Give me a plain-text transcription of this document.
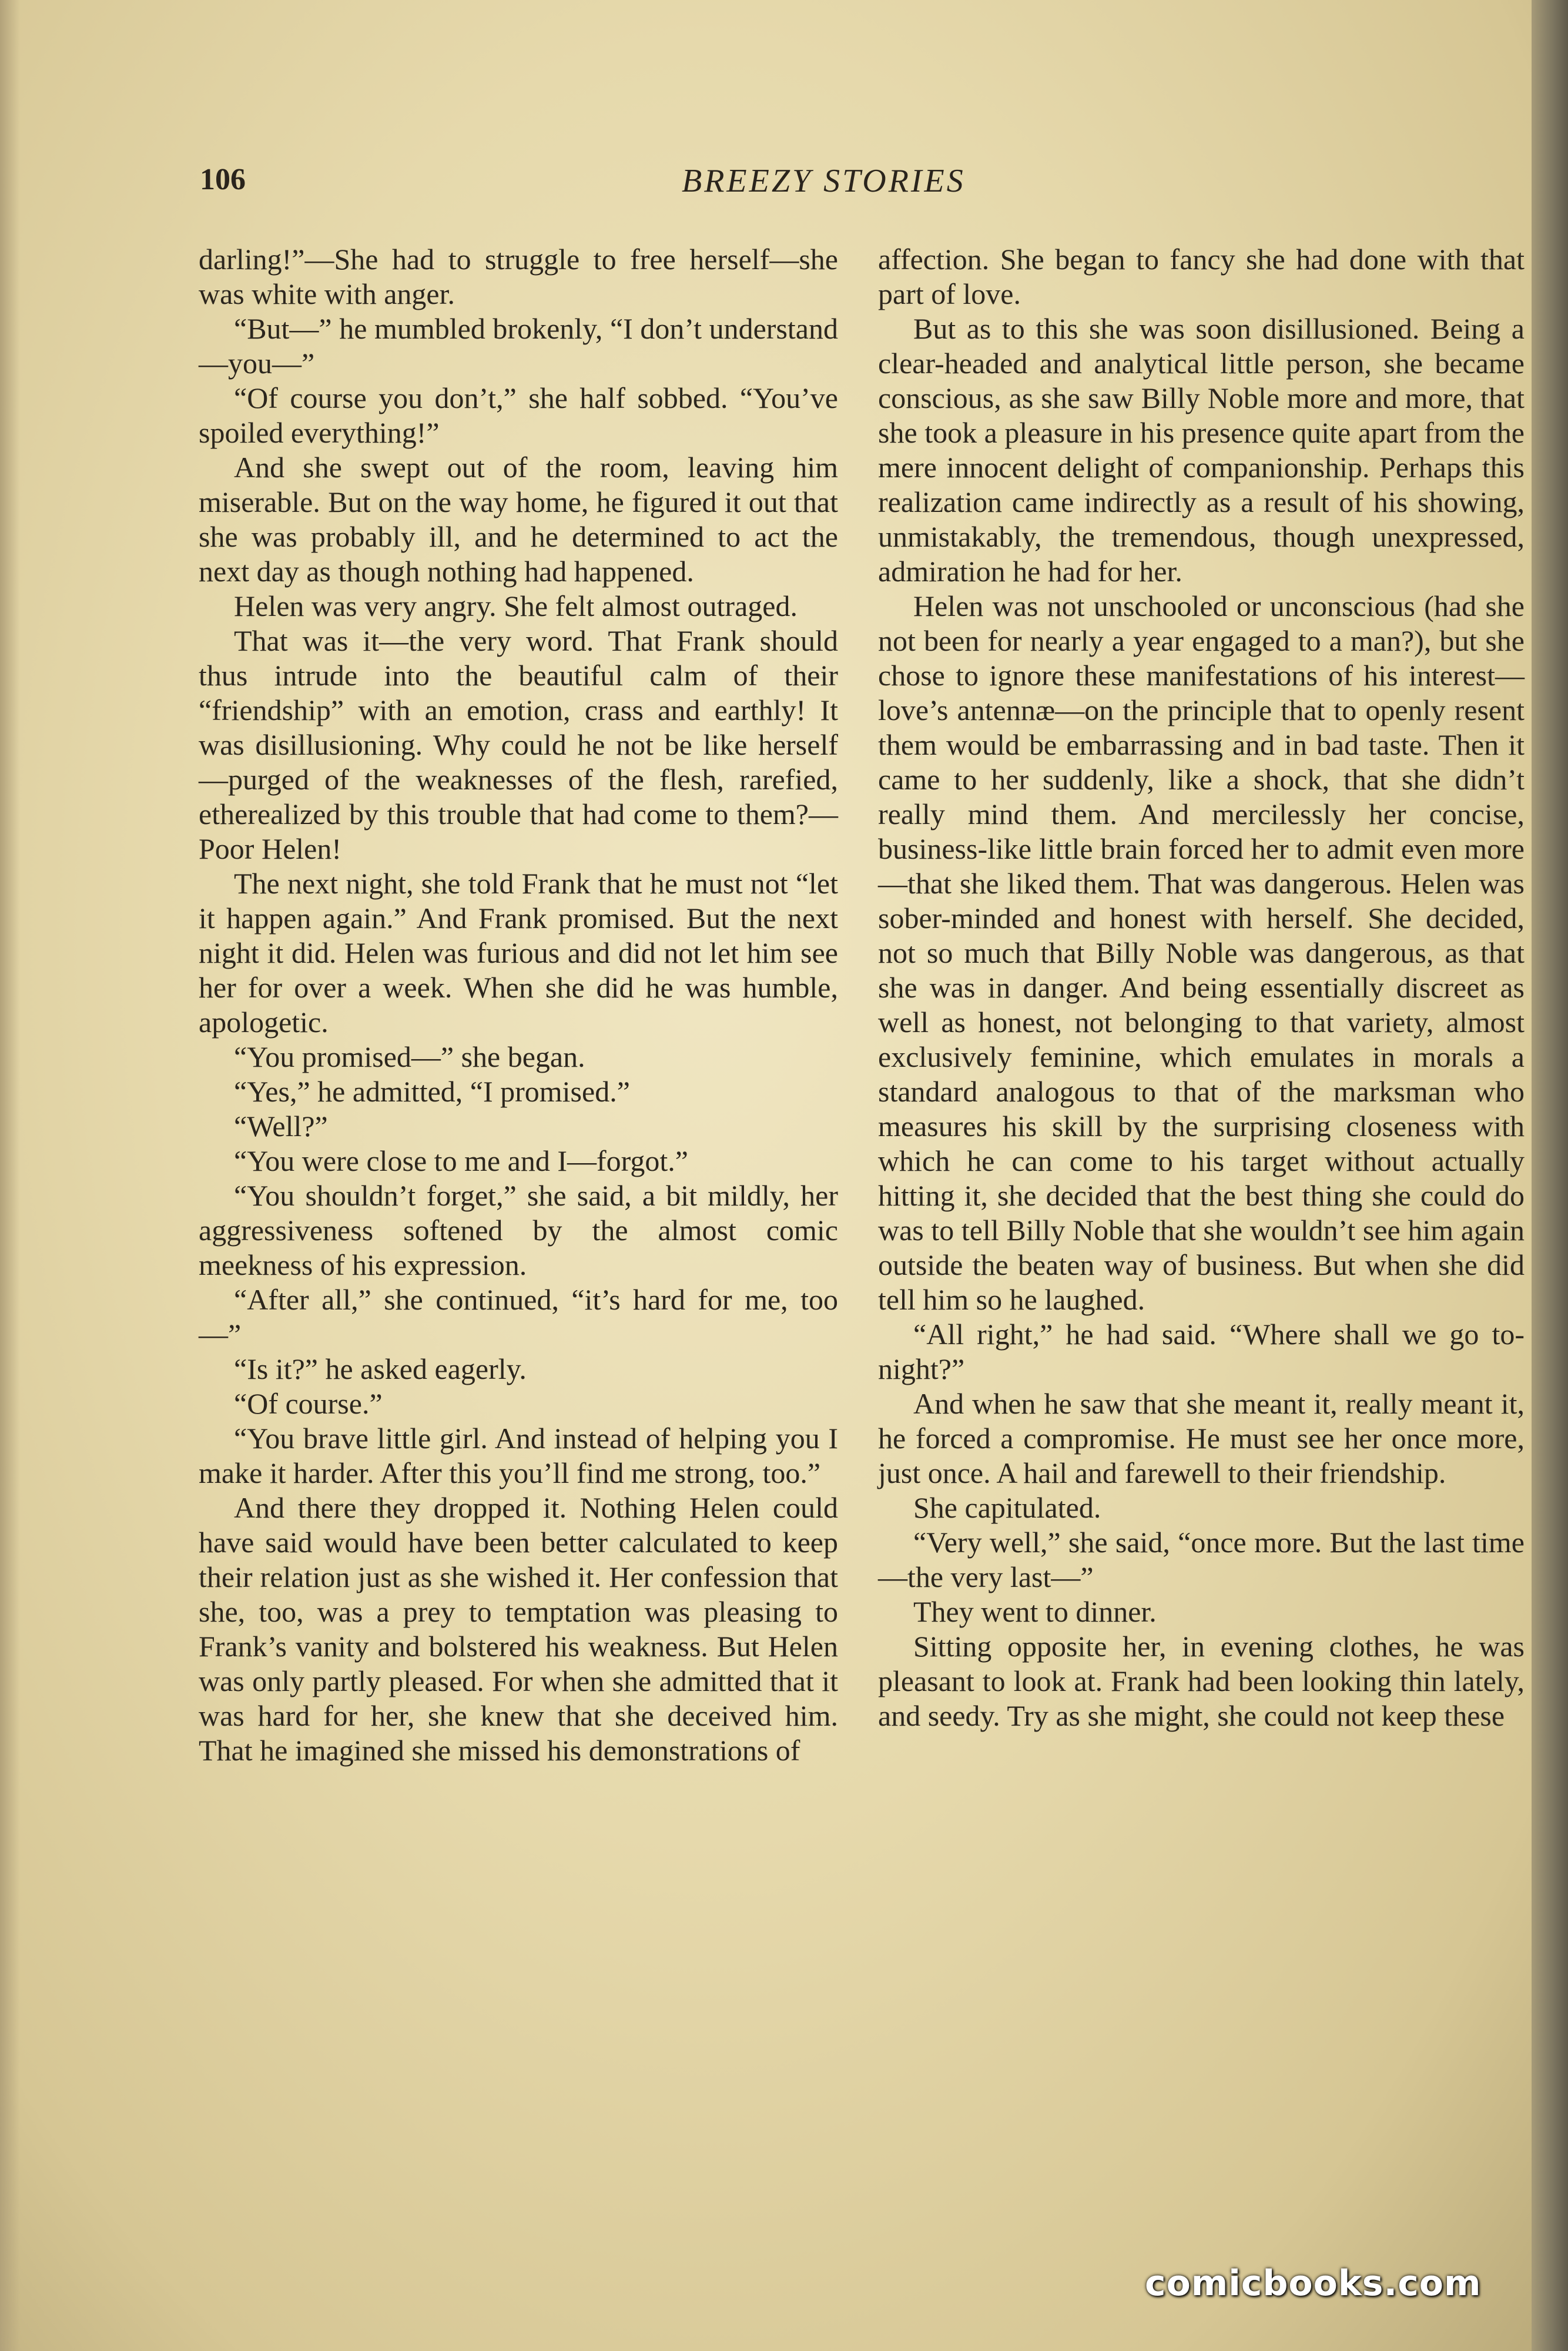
106	BREEZY STORIES

darling!”—She had to struggle to free herself—she was white with anger.

“But—” he mumbled brokenly, “I don’t understand—you—”

“Of course you don’t,” she half sobbed. “You’ve spoiled everything!”

And she swept out of the room, leaving him miserable. But on the way home, he figured it out that she was probably ill, and he determined to act the next day as though nothing had happened.

Helen was very angry. She felt almost outraged.

That was it—the very word. That Frank should thus intrude into the beautiful calm of their “friendship” with an emotion, crass and earthly! It was disillusioning. Why could he not be like herself—purged of the weaknesses of the flesh, rarefied, etherealized by this trouble that had come to them?—Poor Helen!

The next night, she told Frank that he must not “let it happen again.” And Frank promised. But the next night it did. Helen was furious and did not let him see her for over a week. When she did he was humble, apologetic.

“You promised—” she began.

“Yes,” he admitted, “I promised.”

“Well?”

“You were close to me and I—forgot.”

“You shouldn’t forget,” she said, a bit mildly, her aggressiveness softened by the almost comic meekness of his expression.

“After all,” she continued, “it’s hard for me, too—”

“Is it?” he asked eagerly.

“Of course.”

“You brave little girl. And instead of helping you I make it harder. After this you’ll find me strong, too.”

And there they dropped it. Nothing Helen could have said would have been better calculated to keep their relation just as she wished it. Her confession that she, too, was a prey to temptation was pleasing to Frank’s vanity and bolstered his weakness. But Helen was only partly pleased. For when she admitted that it was hard for her, she knew that she deceived him. That he imagined she missed his demonstrations of

affection. She began to fancy she had done with that part of love.

But as to this she was soon disillusioned. Being a clear-headed and analytical little person, she became conscious, as she saw Billy Noble more and more, that she took a pleasure in his presence quite apart from the mere innocent delight of companionship. Perhaps this realization came indirectly as a result of his showing, unmistakably, the tremendous, though unexpressed, admiration he had for her.

Helen was not unschooled or unconscious (had she not been for nearly a year engaged to a man?), but she chose to ignore these manifestations of his interest—love’s antennæ—on the principle that to openly resent them would be embarrassing and in bad taste. Then it came to her suddenly, like a shock, that she didn’t really mind them. And mercilessly her concise, business-like little brain forced her to admit even more—that she liked them. That was dangerous. Helen was sober-minded and honest with herself. She decided, not so much that Billy Noble was dangerous, as that she was in danger. And being essentially discreet as well as honest, not belonging to that variety, almost exclusively feminine, which emulates in morals a standard analogous to that of the marksman who measures his skill by the surprising closeness with which he can come to his target without actually hitting it, she decided that the best thing she could do was to tell Billy Noble that she wouldn’t see him again outside the beaten way of business. But when she did tell him so he laughed.

“All right,” he had said. “Where shall we go to-night?”

And when he saw that she meant it, really meant it, he forced a compromise. He must see her once more, just once. A hail and farewell to their friendship.

She capitulated.

“Very well,” she said, “once more. But the last time—the very last—”

They went to dinner.

Sitting opposite her, in evening clothes, he was pleasant to look at. Frank had been looking thin lately, and seedy. Try as she might, she could not keep these

comicbooks.com
